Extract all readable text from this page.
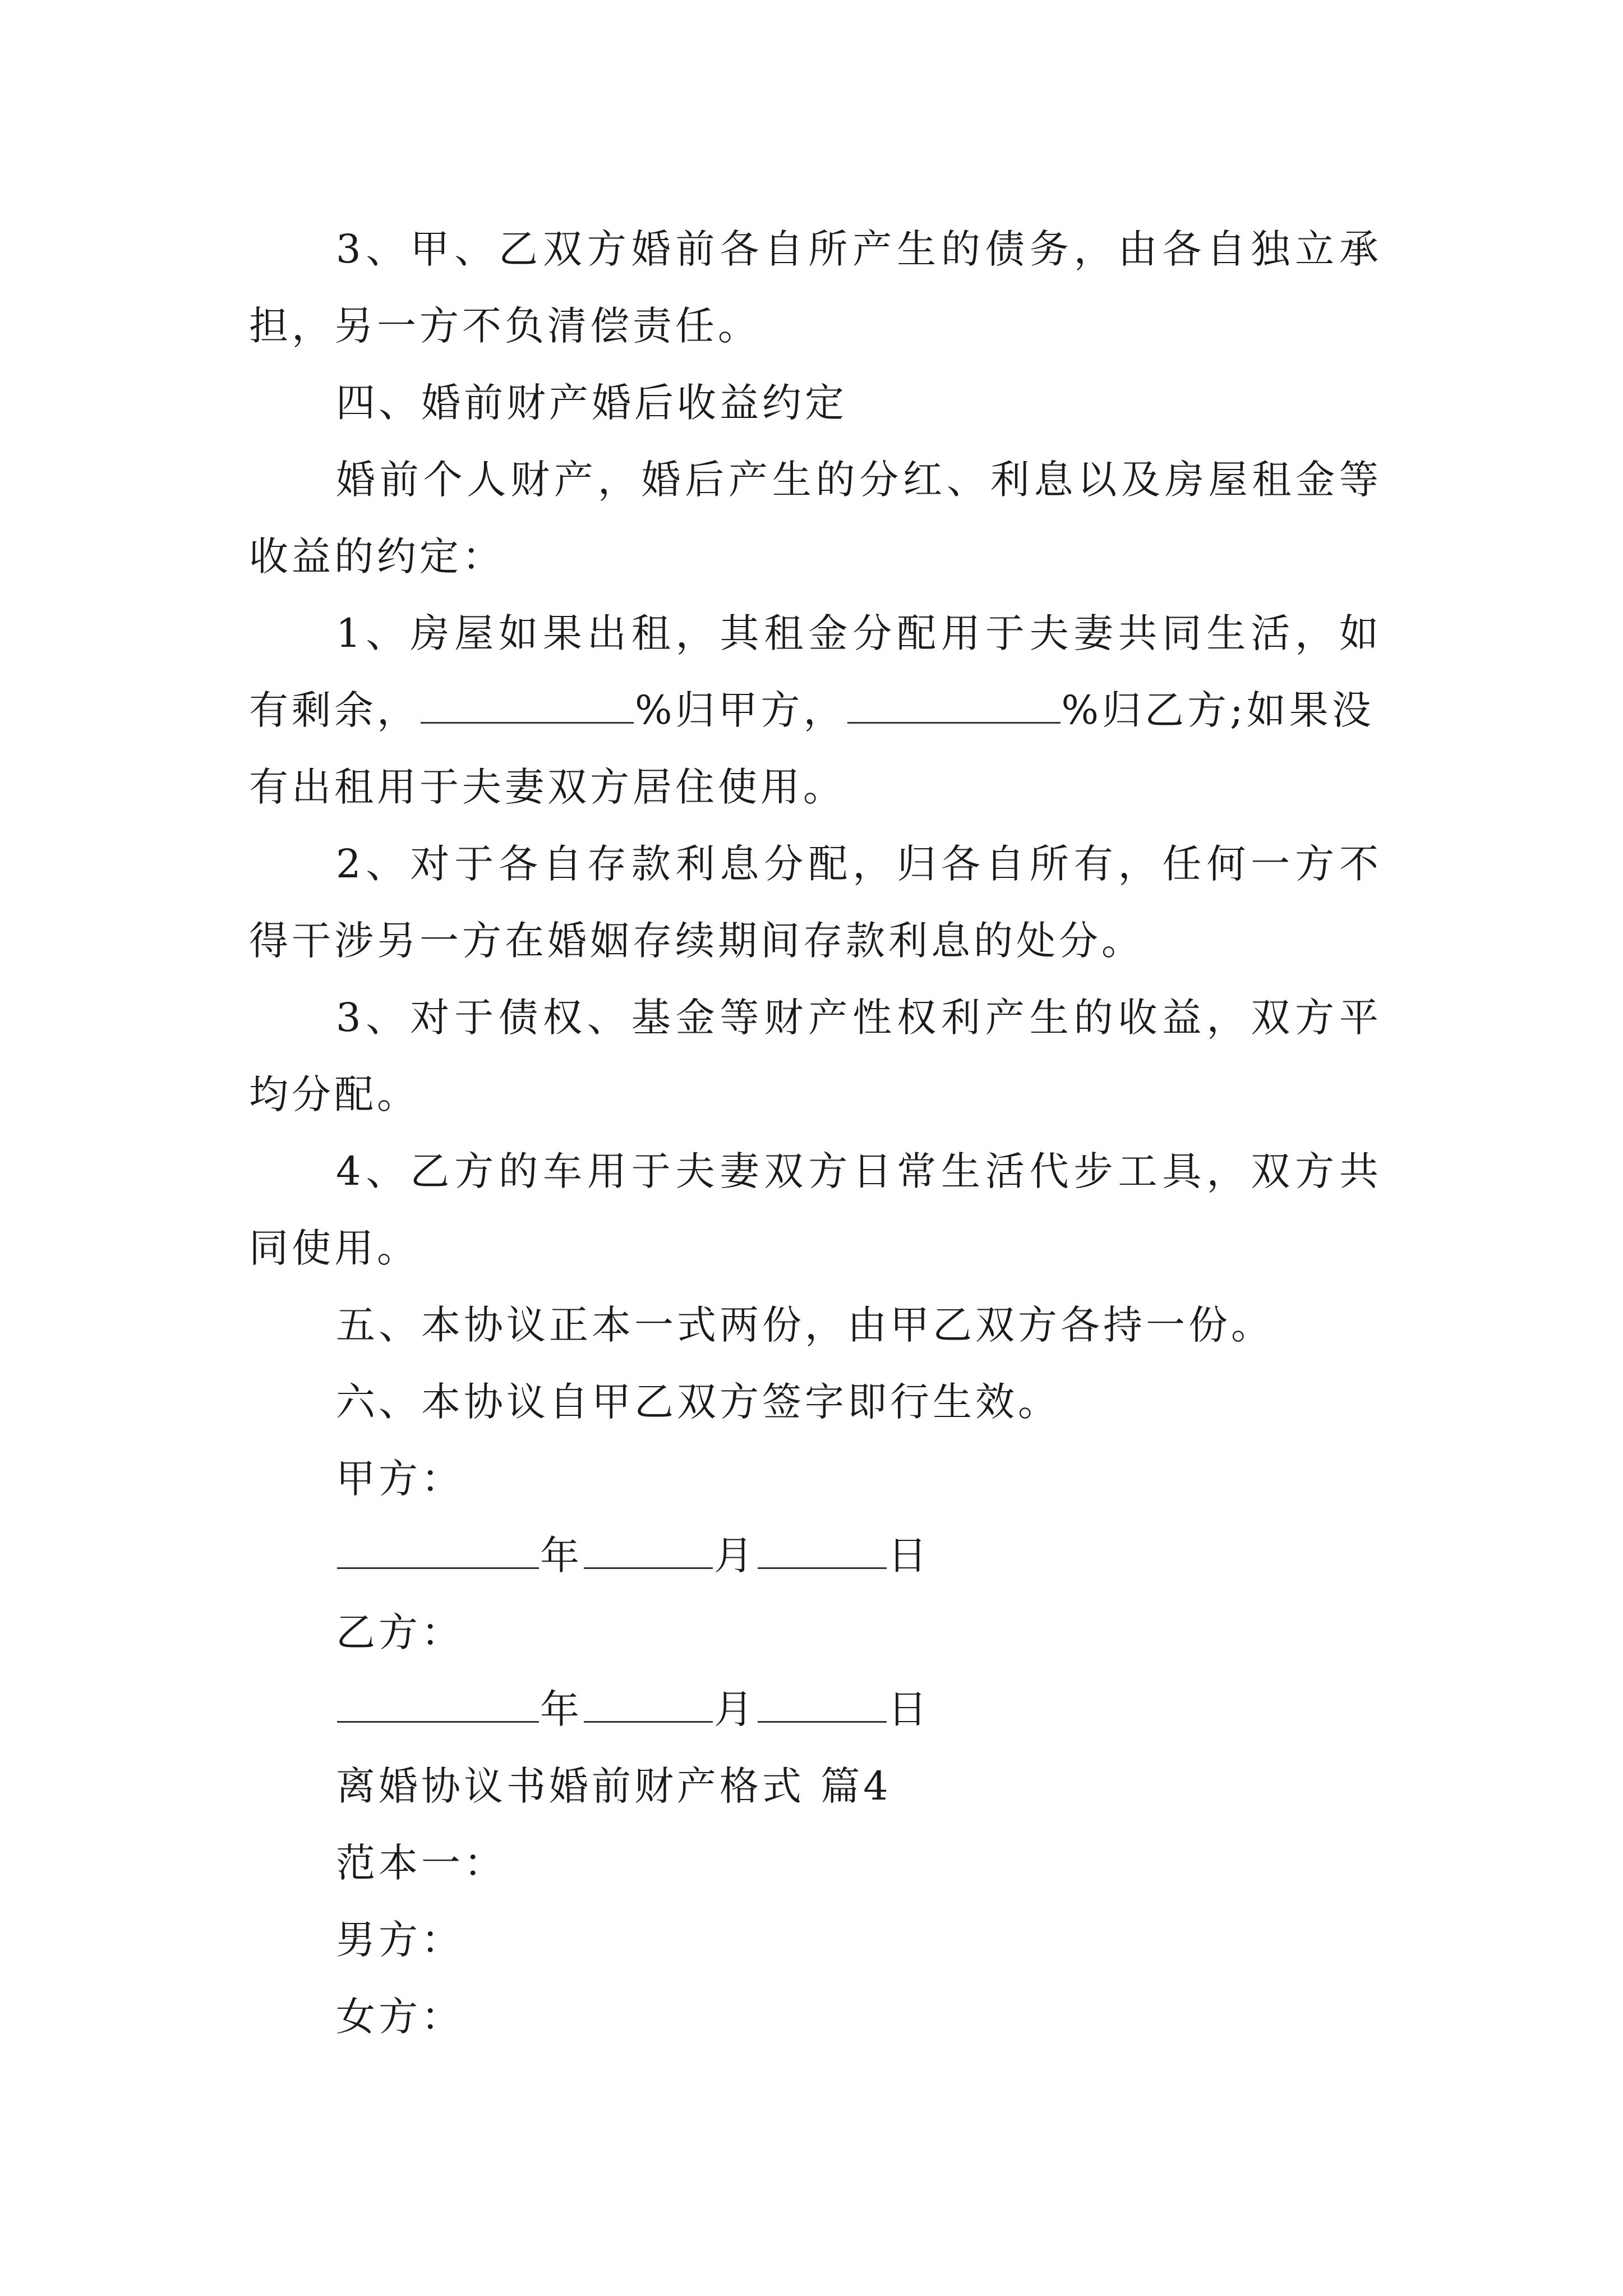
3、甲、乙双方婚前各自所产生的债务，由各自独立承
担，另一方不负清偿责任。
四、婚前财产婚后收益约定
婚前个人财产，婚后产生的分红、利息以及房屋租金等
收益的约定：
1、房屋如果出租，其租金分配用于夫妻共同生活，如
有剩余，	%归甲方，	%归乙方;如果没
有出租用于夫妻双方居住使用。
2、对于各自存款利息分配，归各自所有，任何一方不
得干涉另一方在婚姻存续期间存款利息的处分。
3、对于债权、基金等财产性权利产生的收益，双方平
均分配。
4、乙方的车用于夫妻双方日常生活代步工具，双方共
同使用。
五、本协议正本一式两份，由甲乙双方各持一份。
六、本协议自甲乙双方签字即行生效。
甲方：
年	月	日
乙方：
年	月	日
离婚协议书婚前财产格式 篇4
范本一：
男方：
女方：
